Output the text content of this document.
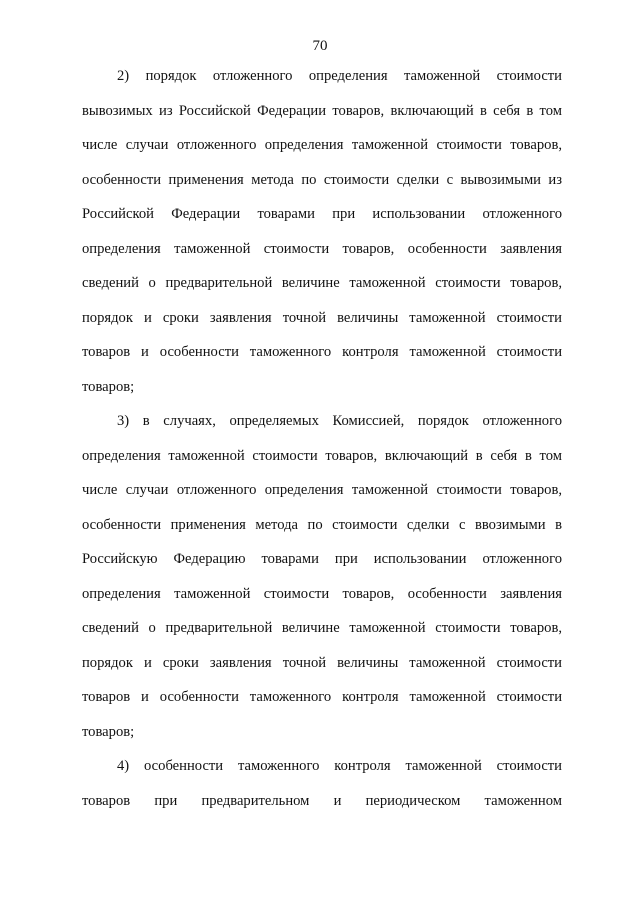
70
2) порядок отложенного определения таможенной стоимости
вывозимых из Российской Федерации товаров, включающий в себя в том
числе случаи отложенного определения таможенной стоимости товаров,
особенности применения метода по стоимости сделки с вывозимыми из
Российской Федерации товарами при использовании отложенного
определения таможенной стоимости товаров, особенности заявления
сведений о предварительной величине таможенной стоимости товаров,
порядок и сроки заявления точной величины таможенной стоимости
товаров и особенности таможенного контроля таможенной стоимости
товаров;
3) в случаях, определяемых Комиссией, порядок отложенного
определения таможенной стоимости товаров, включающий в себя в том
числе случаи отложенного определения таможенной стоимости товаров,
особенности применения метода по стоимости сделки с ввозимыми в
Российскую Федерацию товарами при использовании отложенного
определения таможенной стоимости товаров, особенности заявления
сведений о предварительной величине таможенной стоимости товаров,
порядок и сроки заявления точной величины таможенной стоимости
товаров и особенности таможенного контроля таможенной стоимости
товаров;
4) особенности таможенного контроля таможенной стоимости
товаров при предварительном и периодическом таможенном
